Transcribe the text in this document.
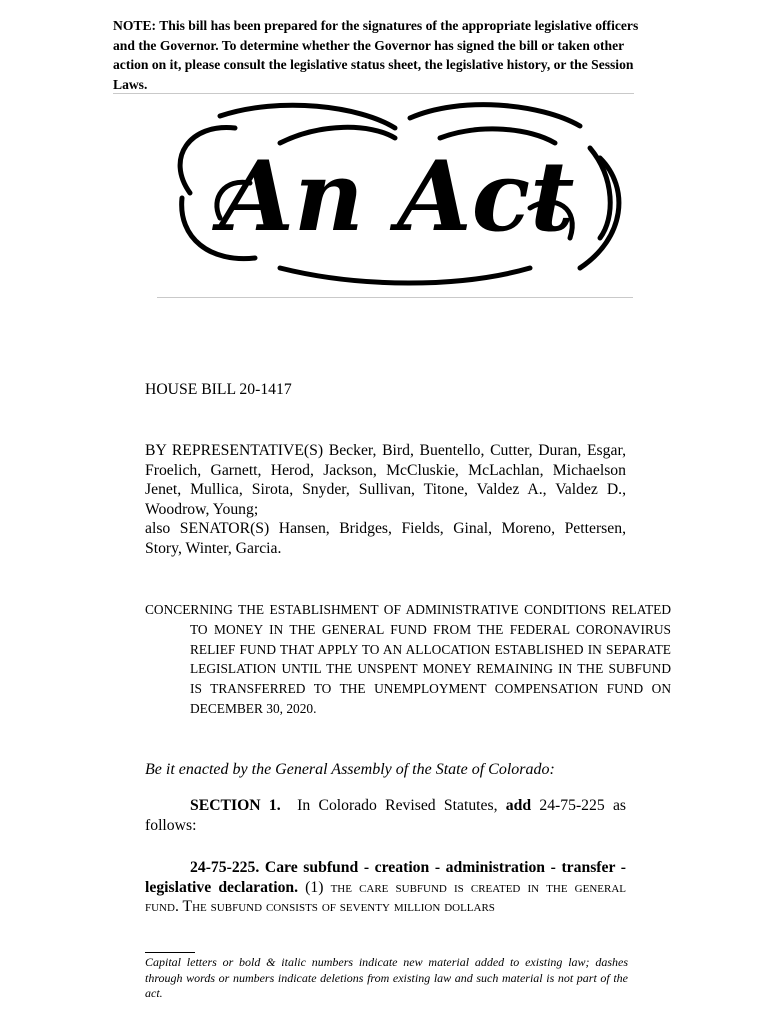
NOTE: This bill has been prepared for the signatures of the appropriate legislative officers and the Governor. To determine whether the Governor has signed the bill or taken other action on it, please consult the legislative status sheet, the legislative history, or the Session Laws.
An Act
HOUSE BILL 20-1417
BY REPRESENTATIVE(S) Becker, Bird, Buentello, Cutter, Duran, Esgar, Froelich, Garnett, Herod, Jackson, McCluskie, McLachlan, Michaelson Jenet, Mullica, Sirota, Snyder, Sullivan, Titone, Valdez A., Valdez D., Woodrow, Young;
also SENATOR(S) Hansen, Bridges, Fields, Ginal, Moreno, Pettersen, Story, Winter, Garcia.
CONCERNING THE ESTABLISHMENT OF ADMINISTRATIVE CONDITIONS RELATED TO MONEY IN THE GENERAL FUND FROM THE FEDERAL CORONAVIRUS RELIEF FUND THAT APPLY TO AN ALLOCATION ESTABLISHED IN SEPARATE LEGISLATION UNTIL THE UNSPENT MONEY REMAINING IN THE SUBFUND IS TRANSFERRED TO THE UNEMPLOYMENT COMPENSATION FUND ON DECEMBER 30, 2020.
Be it enacted by the General Assembly of the State of Colorado:
SECTION 1. In Colorado Revised Statutes, add 24-75-225 as follows:
24-75-225. Care subfund - creation - administration - transfer - legislative declaration. (1) the care subfund is created in the general fund. The subfund consists of seventy million dollars
Capital letters or bold & italic numbers indicate new material added to existing law; dashes through words or numbers indicate deletions from existing law and such material is not part of the act.
